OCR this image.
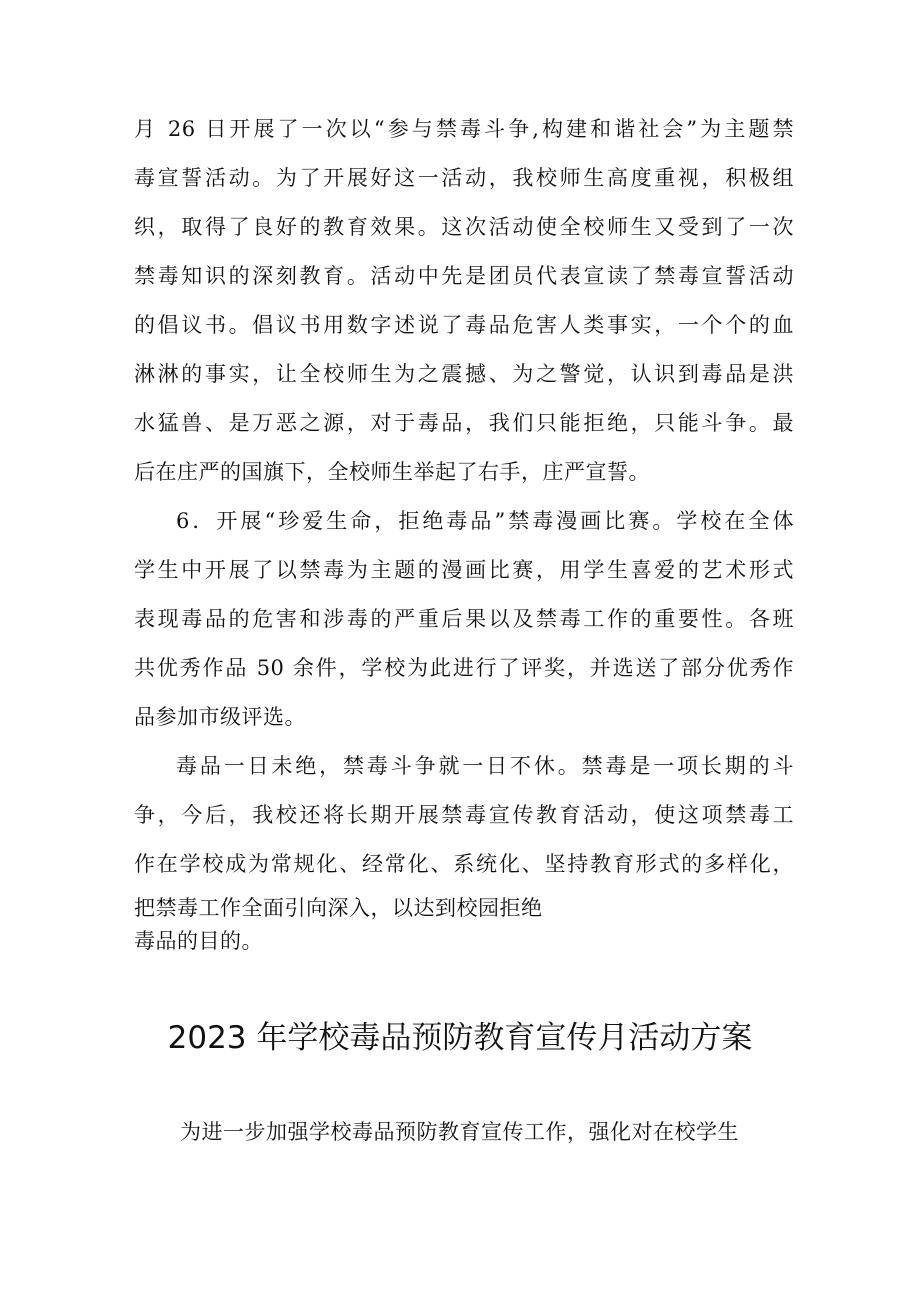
月 26 日开展了一次以“参与禁毒斗争,构建和谐社会”为主题禁
毒宣誓活动。为了开展好这一活动，我校师生高度重视，积极组
织，取得了良好的教育效果。这次活动使全校师生又受到了一次
禁毒知识的深刻教育。活动中先是团员代表宣读了禁毒宣誓活动
的倡议书。倡议书用数字述说了毒品危害人类事实，一个个的血
淋淋的事实，让全校师生为之震撼、为之警觉，认识到毒品是洪
水猛兽、是万恶之源，对于毒品，我们只能拒绝，只能斗争。最
后在庄严的国旗下，全校师生举起了右手，庄严宣誓。
6．开展“珍爱生命，拒绝毒品”禁毒漫画比赛。学校在全体
学生中开展了以禁毒为主题的漫画比赛，用学生喜爱的艺术形式
表现毒品的危害和涉毒的严重后果以及禁毒工作的重要性。各班
共优秀作品 50 余件，学校为此进行了评奖，并选送了部分优秀作
品参加市级评选。
毒品一日未绝，禁毒斗争就一日不休。禁毒是一项长期的斗
争，今后，我校还将长期开展禁毒宣传教育活动，使这项禁毒工
作在学校成为常规化、经常化、系统化、坚持教育形式的多样化，
把禁毒工作全面引向深入，以达到校园拒绝
毒品的目的。
2023 年学校毒品预防教育宣传月活动方案
为进一步加强学校毒品预防教育宣传工作，强化对在校学生
